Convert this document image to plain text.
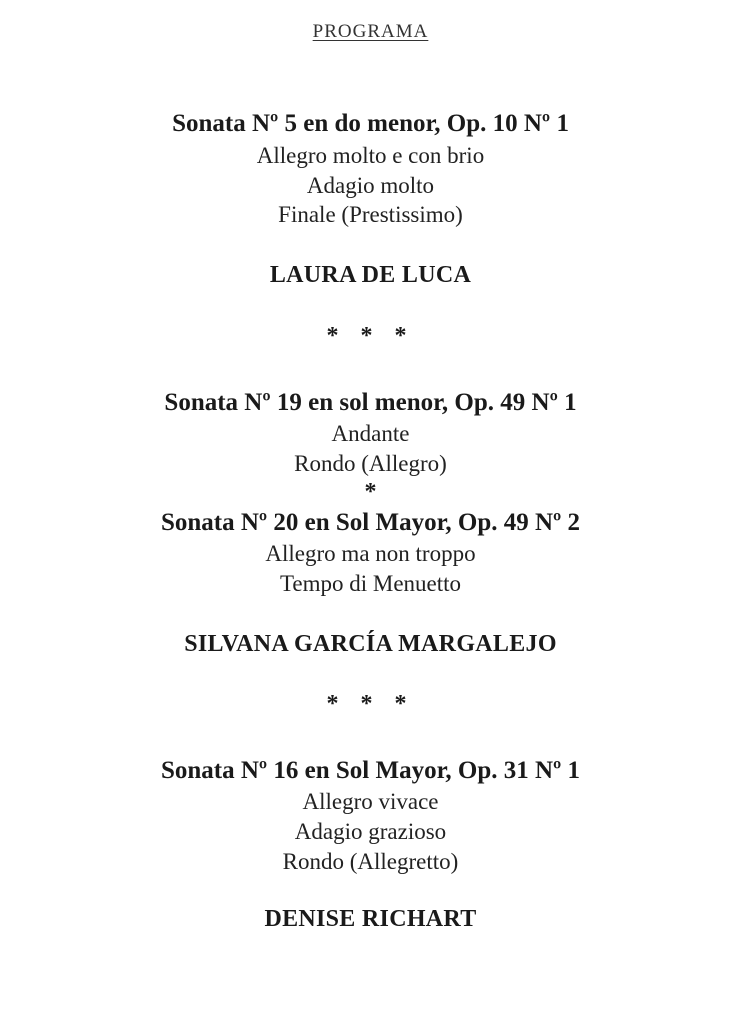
PROGRAMA
Sonata Nº 5 en do menor, Op. 10 Nº 1
Allegro molto e con brio
Adagio molto
Finale (Prestissimo)
LAURA DE LUCA
* * *
Sonata Nº 19 en sol menor, Op. 49 Nº 1
Andante
Rondo (Allegro)
*
Sonata Nº 20 en Sol Mayor, Op. 49 Nº 2
Allegro ma non troppo
Tempo di Menuetto
SILVANA GARCÍA MARGALEJO
* * *
Sonata Nº 16 en Sol Mayor, Op. 31 Nº 1
Allegro vivace
Adagio grazioso
Rondo (Allegretto)
DENISE RICHART
